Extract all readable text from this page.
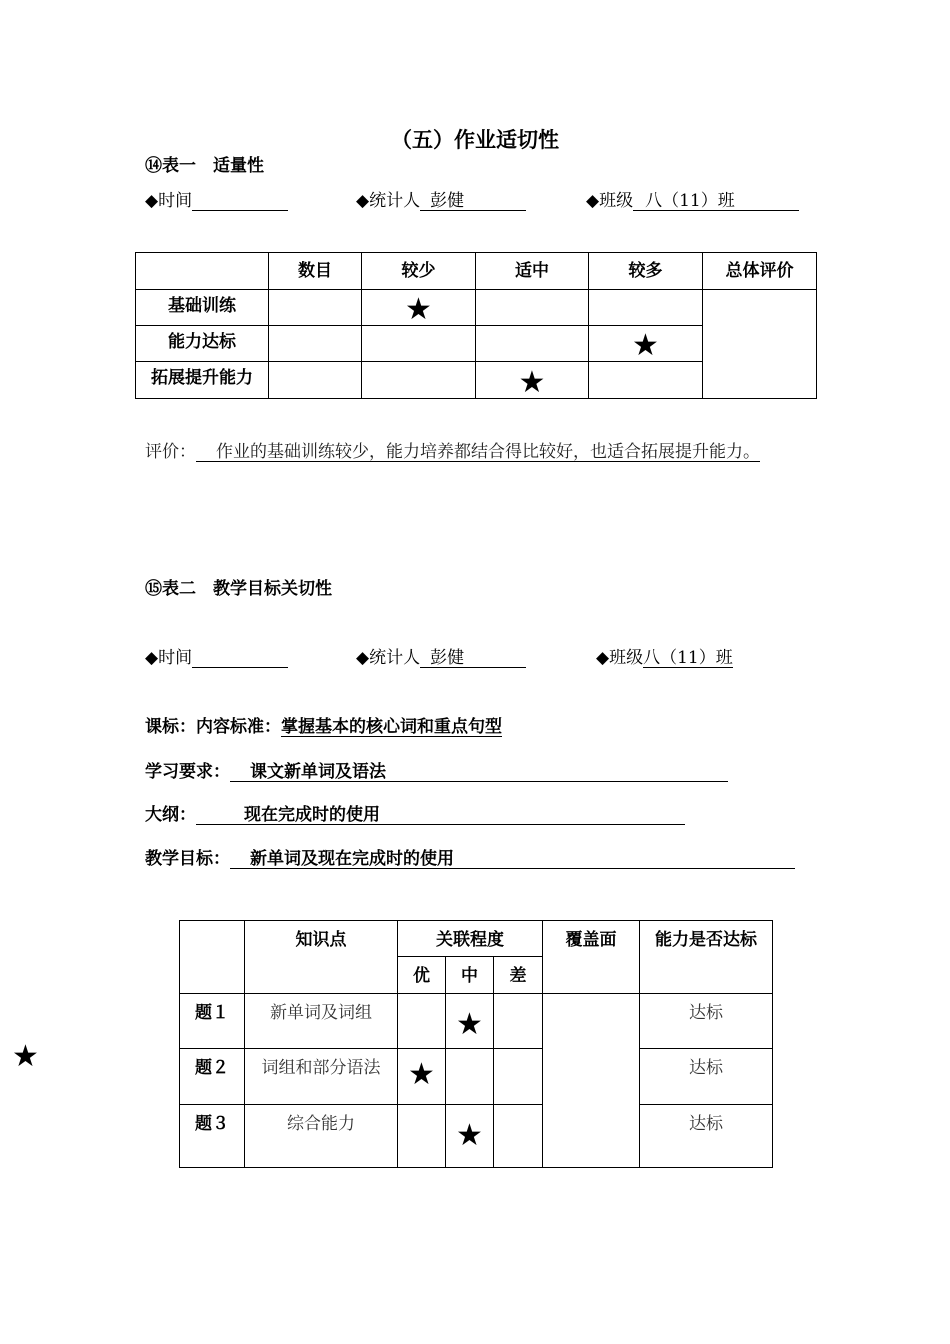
（五）作业适切性
⑭表一　适量性
◆时间	◆统计人 彭健	◆班级 八（11）班
	数目	较少	适中	较多	总体评价
基础训练		★			
能力达标				★	
拓展提升能力			★		
评价： 作业的基础训练较少，能力培养都结合得比较好，也适合拓展提升能力。
⑮表二　教学目标关切性
◆时间	◆统计人 彭健	◆班级八（11）班
课标：内容标准：掌握基本的核心词和重点句型
学习要求： 课文新单词及语法
大纲：	现在完成时的使用
教学目标： 新单词及现在完成时的使用
	知识点	关联程度			覆盖面	能力是否达标
		优	中	差		
题１	新单词及词组		★			达标
题２	词组和部分语法	★				达标
题３	综合能力		★			达标
★
